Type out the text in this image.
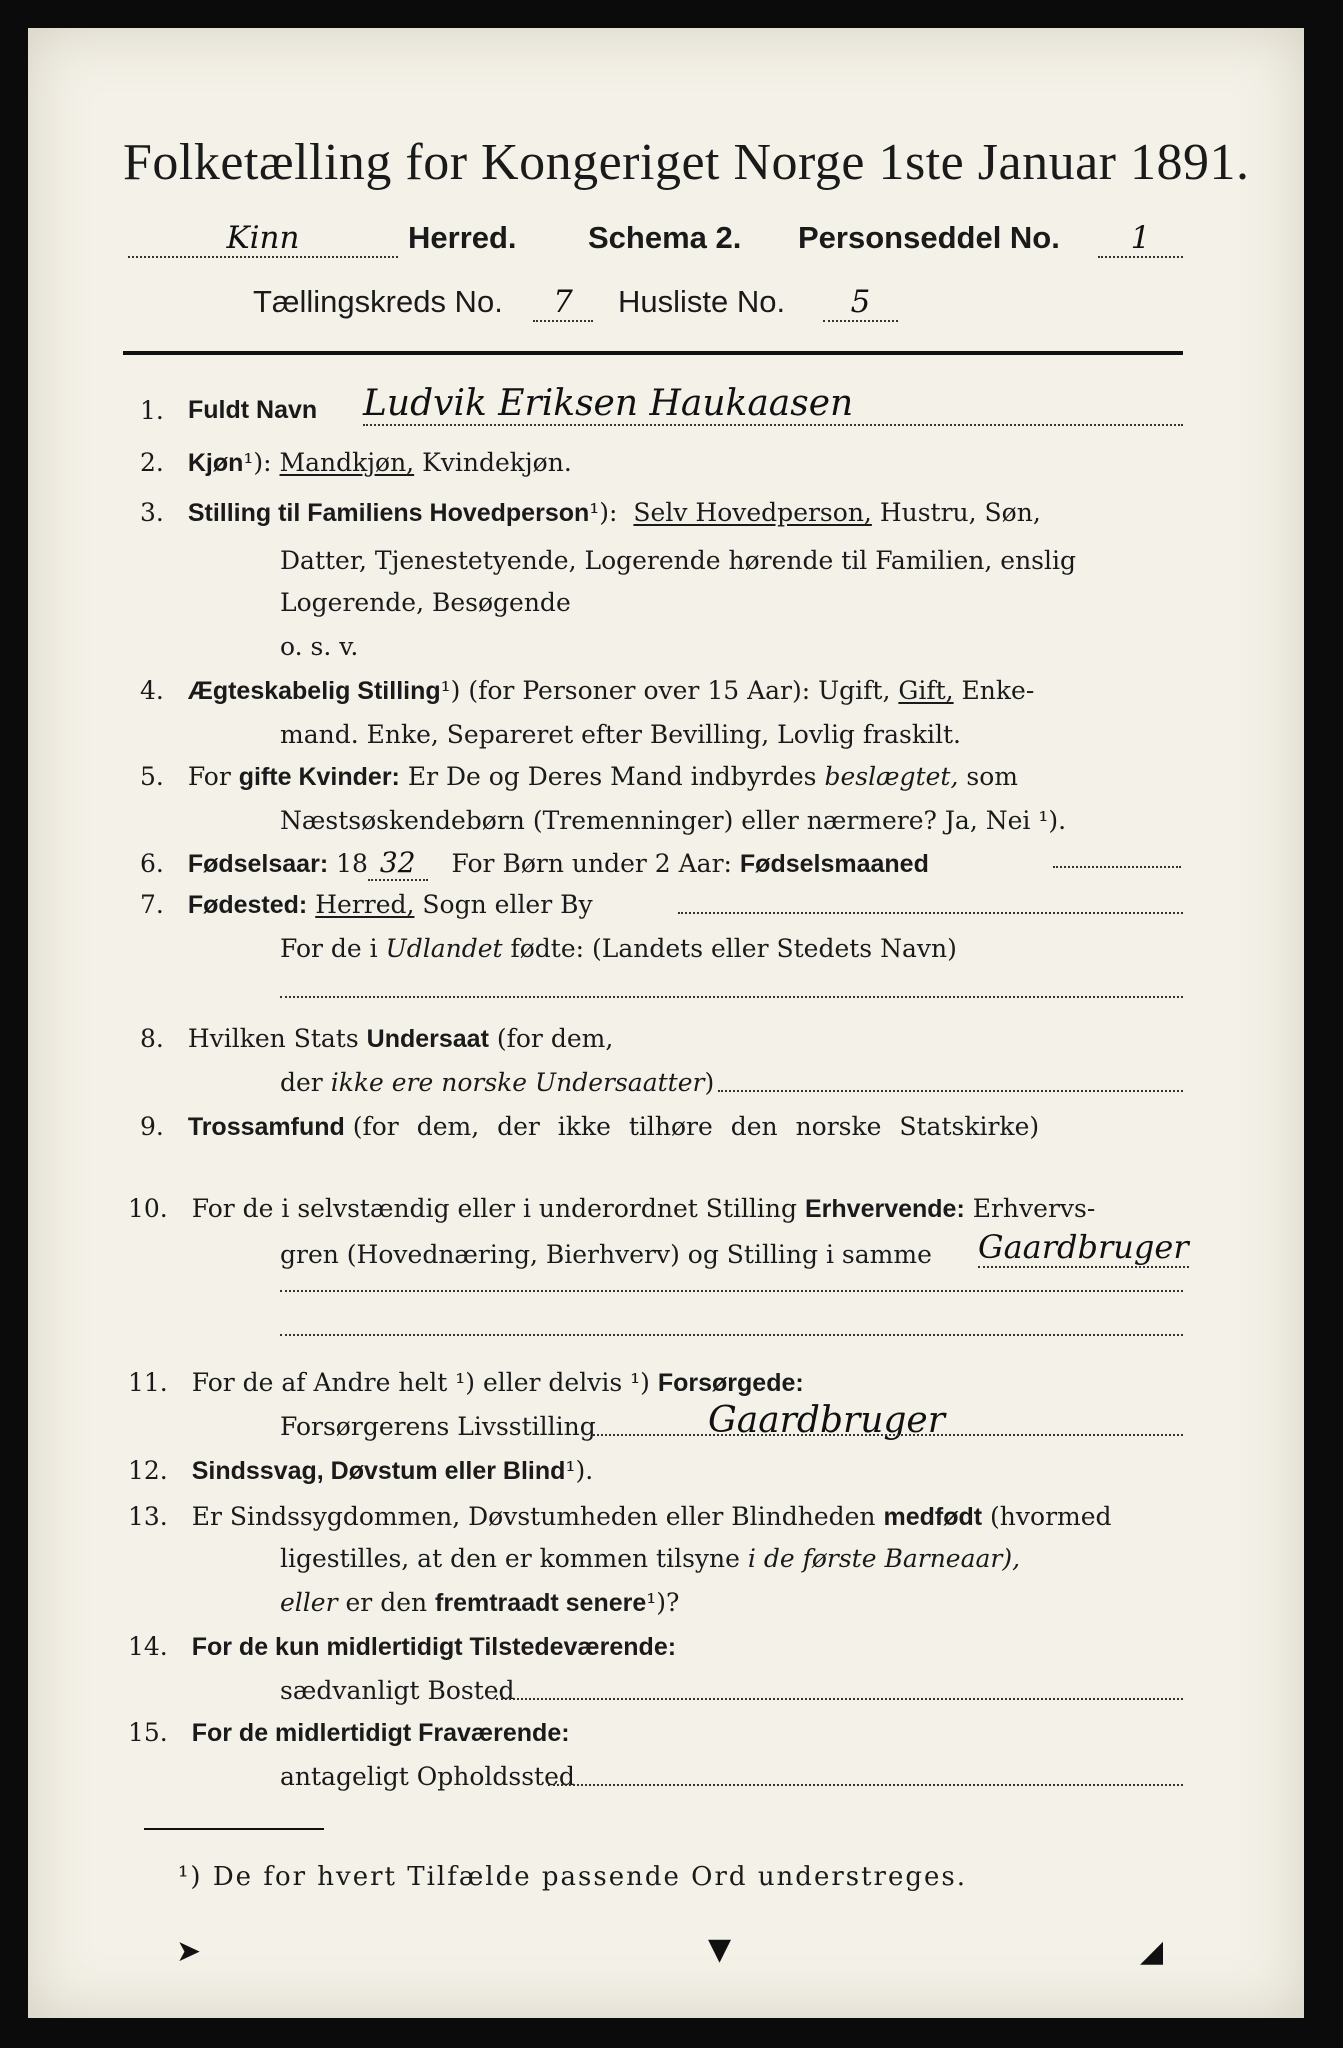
Folketælling for Kongeriget Norge 1ste Januar 1891.
Kinn	Herred. Schema 2. Personseddel No.	1
Tællingskreds No.	7	Husliste No.	5
1. Fuldt Navn Ludvik Eriksen Haukaasen
2. Kjøn¹): Mandkjøn, Kvindekjøn.
3. Stilling til Familiens Hovedperson¹): Selv Hovedperson, Hustru, Søn,
Datter, Tjenestetyende, Logerende hørende til Familien, enslig
Logerende, Besøgende
o. s. v.
4. Ægteskabelig Stilling¹) (for Personer over 15 Aar): Ugift, Gift, Enke-
mand. Enke, Separeret efter Bevilling, Lovlig fraskilt.
5. For gifte Kvinder: Er De og Deres Mand indbyrdes beslægtet, som
Næstsøskendebørn (Tremenninger) eller nærmere? Ja, Nei ¹).
6. Fødselsaar: 18 32 For Børn under 2 Aar: Fødselsmaaned
7. Fødested: Herred, Sogn eller By
For de i Udlandet fødte: (Landets eller Stedets Navn)
8. Hvilken Stats Undersaat (for dem,
der ikke ere norske Undersaatter)
9. Trossamfund (for dem, der ikke tilhøre den norske Statskirke)
10. For de i selvstændig eller i underordnet Stilling Erhvervende: Erhvervs-
gren (Hovednæring, Bierhverv) og Stilling i samme Gaardbruger
11. For de af Andre helt ¹) eller delvis ¹) Forsørgede:
Forsørgerens Livsstilling	Gaardbruger
12. Sindssvag, Døvstum eller Blind¹).
13. Er Sindssygdommen, Døvstumheden eller Blindheden medfødt (hvormed
ligestilles, at den er kommen tilsyne i de første Barneaar),
eller er den fremtraadt senere¹)?
14. For de kun midlertidigt Tilstedeværende:
sædvanligt Bosted
15. For de midlertidigt Fraværende:
antageligt Opholdssted
¹) De for hvert Tilfælde passende Ord understreges.
➤	▼	◢
